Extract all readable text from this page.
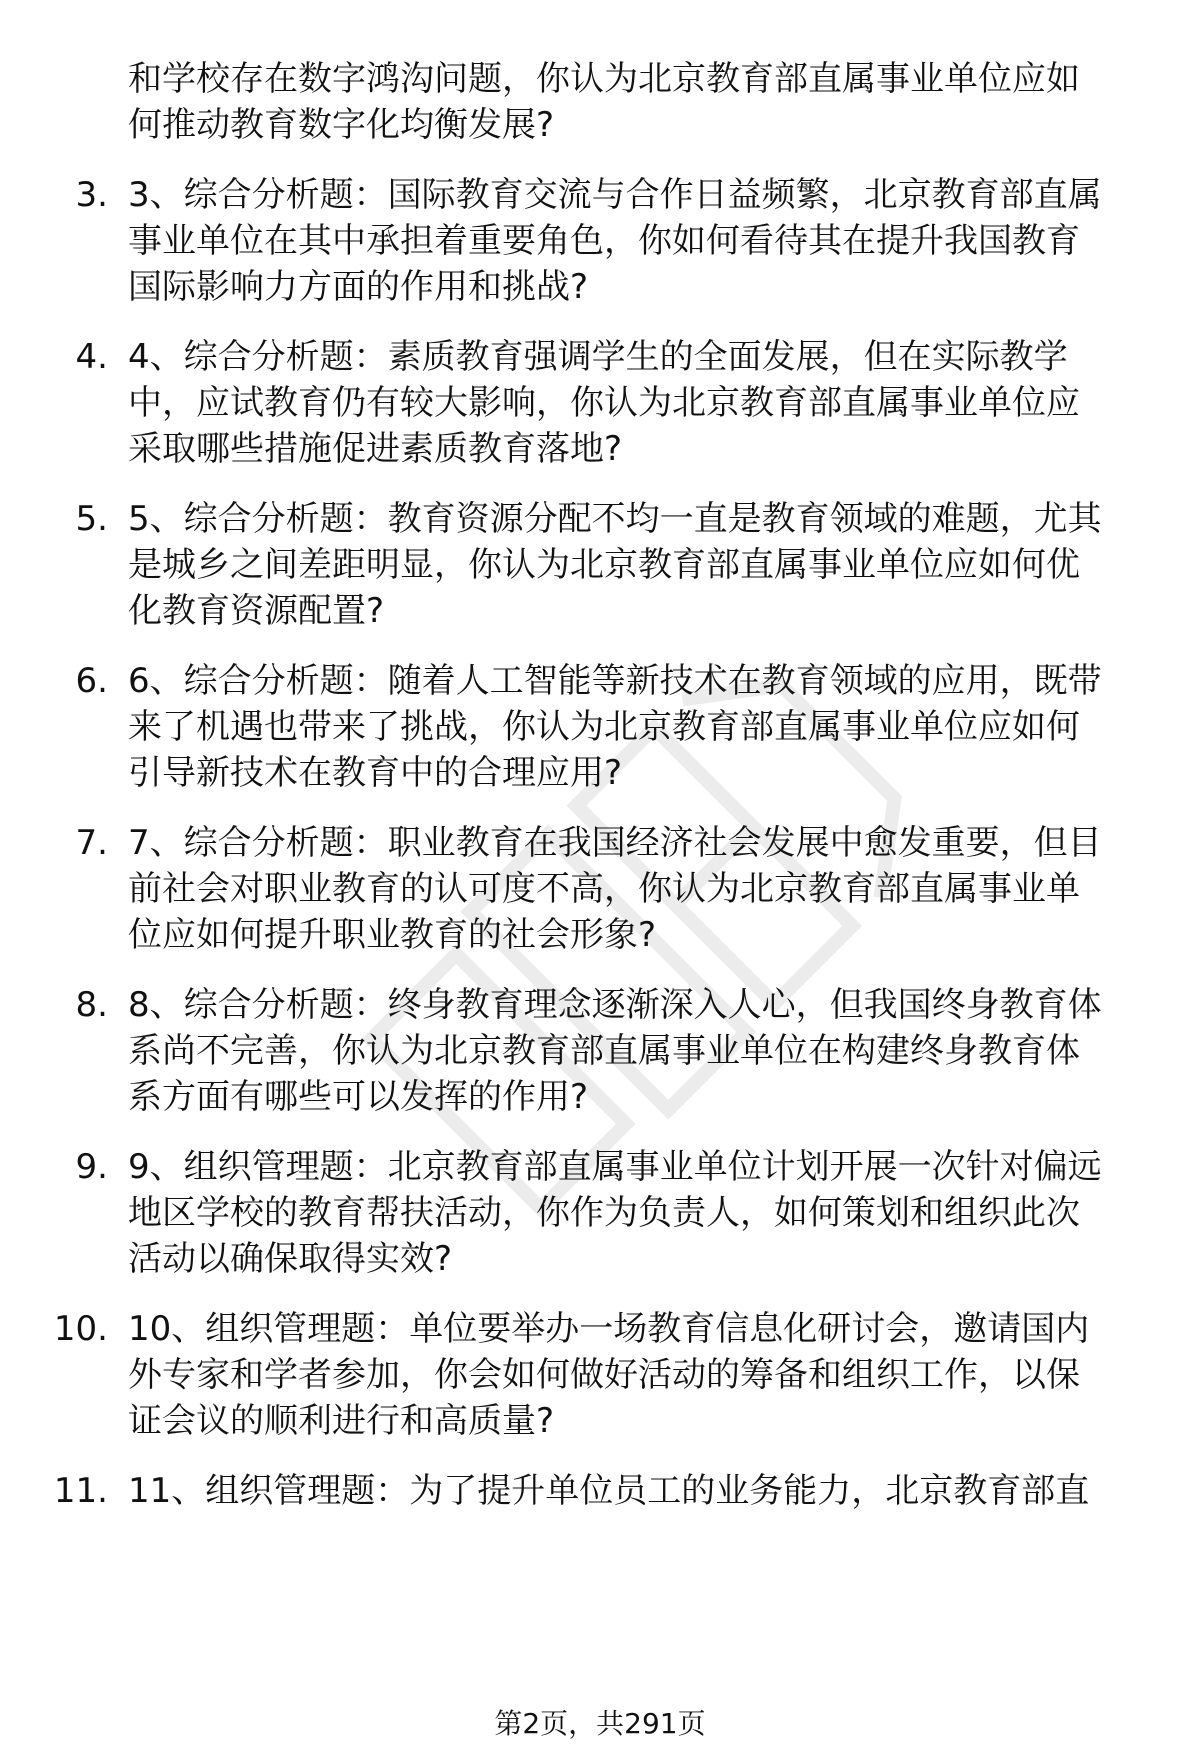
和学校存在数字鸿沟问题，你认为北京教育部直属事业单位应如
何推动教育数字化均衡发展?
3. 3、综合分析题：国际教育交流与合作日益频繁，北京教育部直属
事业单位在其中承担着重要角色，你如何看待其在提升我国教育
国际影响力方面的作用和挑战?
4. 4、综合分析题：素质教育强调学生的全面发展，但在实际教学
中，应试教育仍有较大影响，你认为北京教育部直属事业单位应
采取哪些措施促进素质教育落地?
5. 5、综合分析题：教育资源分配不均一直是教育领域的难题，尤其
是城乡之间差距明显，你认为北京教育部直属事业单位应如何优
化教育资源配置?
6. 6、综合分析题：随着人工智能等新技术在教育领域的应用，既带
来了机遇也带来了挑战，你认为北京教育部直属事业单位应如何
引导新技术在教育中的合理应用?
7. 7、综合分析题：职业教育在我国经济社会发展中愈发重要，但目
前社会对职业教育的认可度不高，你认为北京教育部直属事业单
位应如何提升职业教育的社会形象?
8. 8、综合分析题：终身教育理念逐渐深入人心，但我国终身教育体
系尚不完善，你认为北京教育部直属事业单位在构建终身教育体
系方面有哪些可以发挥的作用?
9. 9、组织管理题：北京教育部直属事业单位计划开展一次针对偏远
地区学校的教育帮扶活动，你作为负责人，如何策划和组织此次
活动以确保取得实效?
10. 10、组织管理题：单位要举办一场教育信息化研讨会，邀请国内
外专家和学者参加，你会如何做好活动的筹备和组织工作，以保
证会议的顺利进行和高质量?
11. 11、组织管理题：为了提升单位员工的业务能力，北京教育部直
第2页，共291页
